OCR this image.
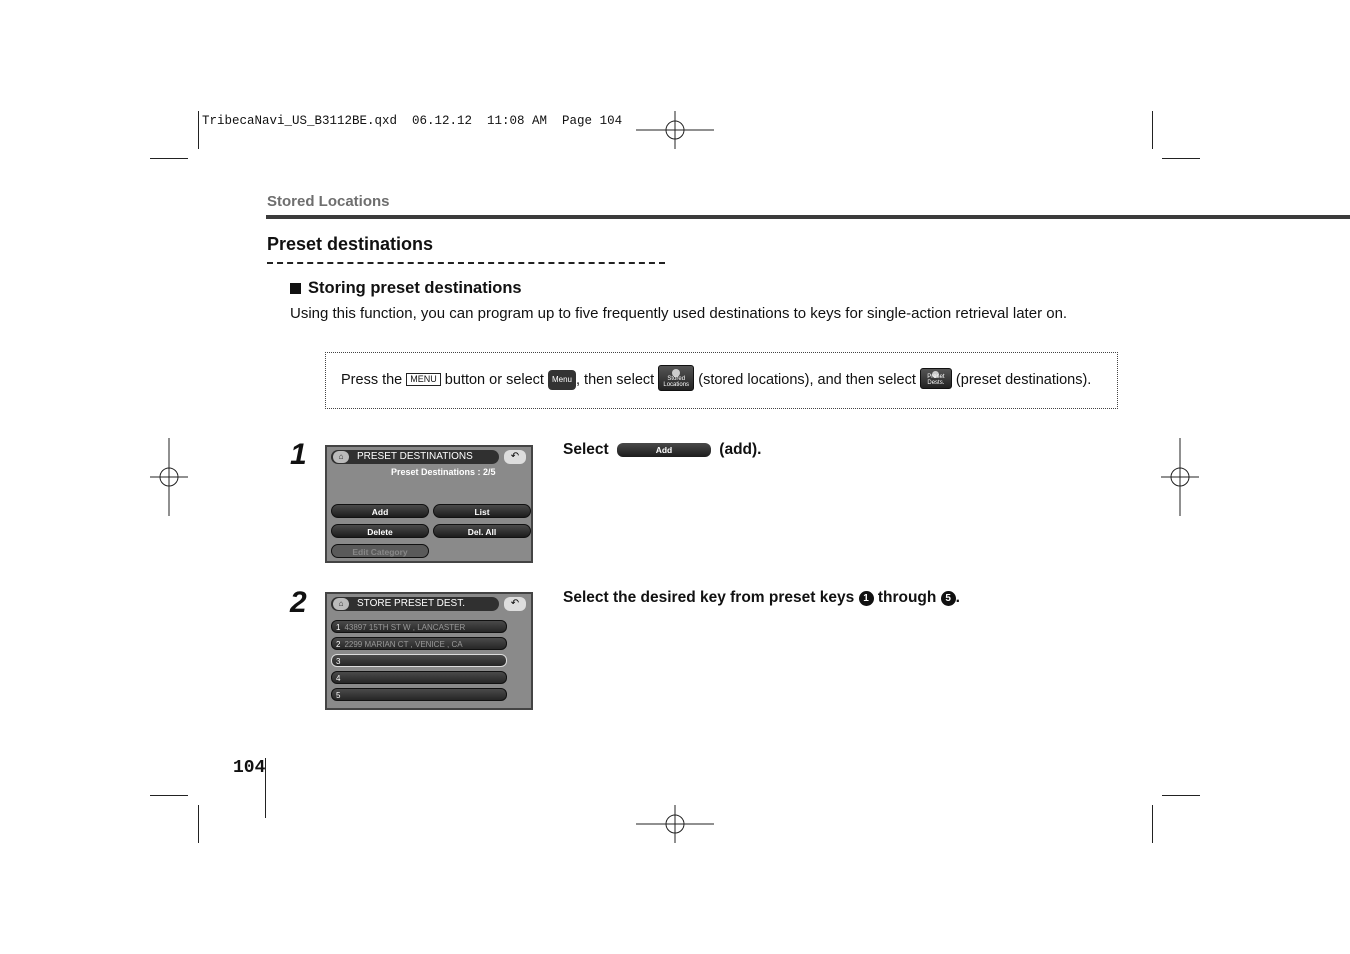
TribecaNavi_US_B3112BE.qxd  06.12.12  11:08 AM  Page 104
Stored Locations
Preset destinations
Storing preset destinations
Using this function, you can program up to five frequently used destinations to keys for single-action retrieval later on.
Press the MENU button or select Menu , then select	Stored Locations (stored locations), and then select	Preset Dests. (preset destinations).
1	PRESET DESTINATIONS
⌂	↶
Preset Destinations : 2/5
Add	List
Delete	Del. All
Edit Category
Select	Add	(add).
2	STORE PRESET DEST.
⌂	↶
1 43897 15TH ST W , LANCASTER
2 2299 MARIAN CT , VENICE , CA
3
4
5
Select the desired key from preset keys 1 through 5 .
104
